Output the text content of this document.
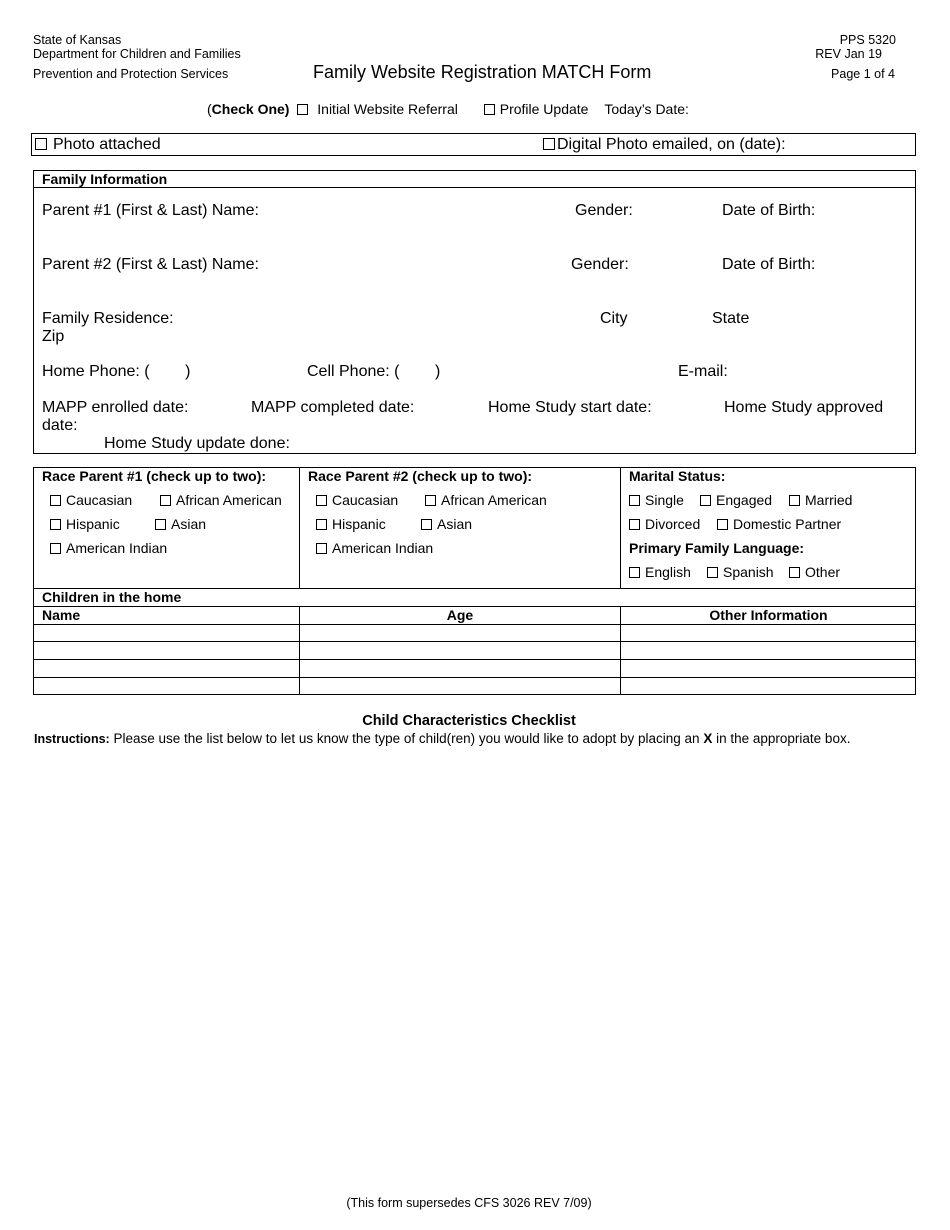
State of Kansas
Department for Children and Families
Prevention and Protection Services	Family Website Registration MATCH Form
PPS 5320
REV Jan 19
Page 1 of 4
(Check One) Initial Website Referral	Profile Update Today’s Date:
Photo attached	Digital Photo emailed, on (date):
Family Information
Parent #1 (First & Last) Name:	Gender:	Date of Birth:
Parent #2 (First & Last) Name:	Gender:	Date of Birth:
Family Residence:	City	State
Zip
Home Phone: (        )	Cell Phone: (        )	E-mail:
MAPP enrolled date:	MAPP completed date:	Home Study start date:	Home Study approved
date:
Home Study update done:
Race Parent #1 (check up to two):
Caucasian	African American
Hispanic	Asian
American Indian
Race Parent #2 (check up to two):
Caucasian	African American
Hispanic	Asian
American Indian
Marital Status:
Single	Engaged	Married
Divorced	Domestic Partner
Primary Family Language:
English	Spanish	Other
Children in the home
Name	Age	Other Information
Child Characteristics Checklist
Instructions: Please use the list below to let us know the type of child(ren) you would like to adopt by placing an X in the appropriate box.
(This form supersedes CFS 3026 REV 7/09)
